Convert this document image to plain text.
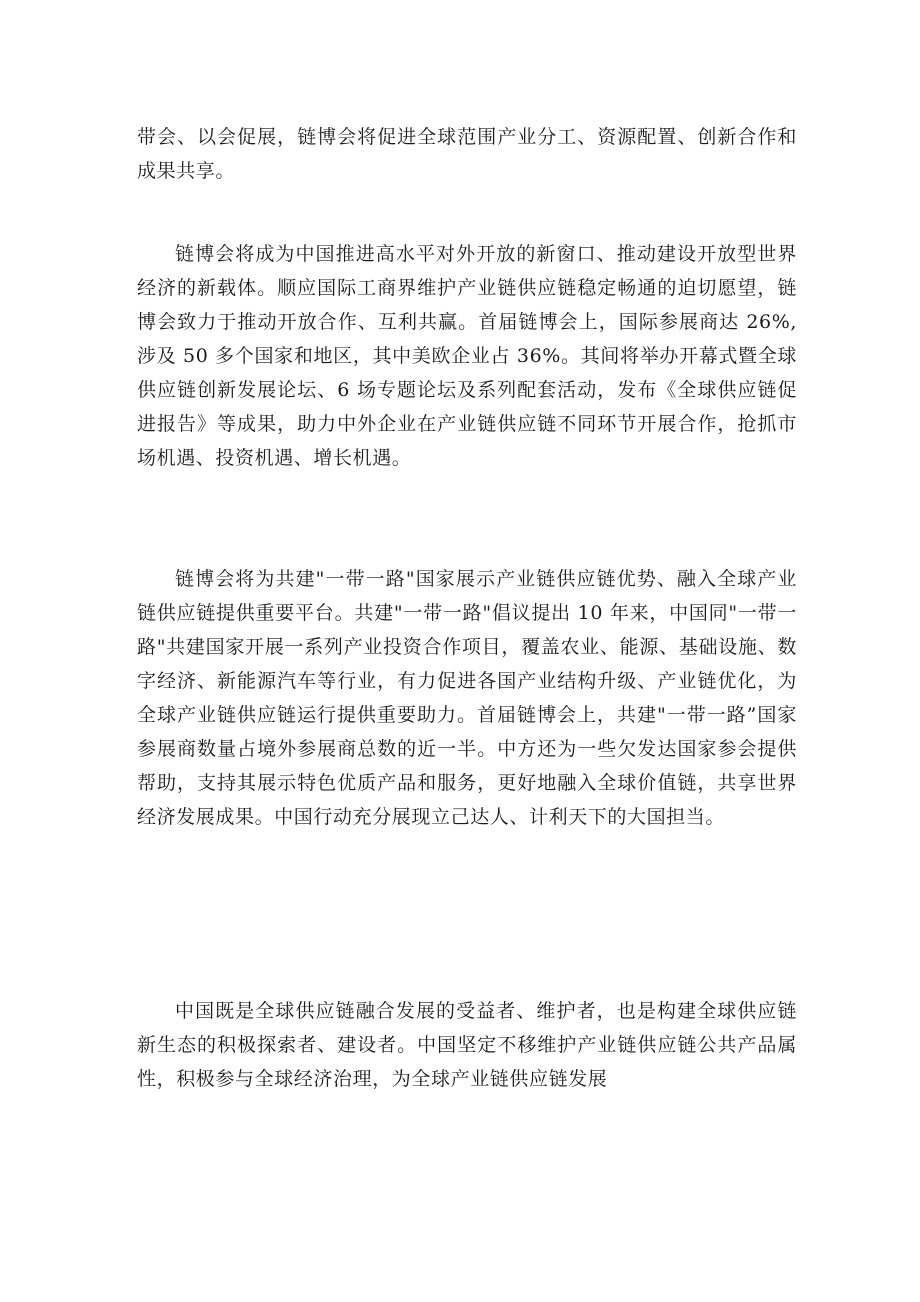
带会、以会促展，链博会将促进全球范围产业分工、资源配置、创新合作和成果共享。

链博会将成为中国推进高水平对外开放的新窗口、推动建设开放型世界经济的新载体。顺应国际工商界维护产业链供应链稳定畅通的迫切愿望，链博会致力于推动开放合作、互利共赢。首届链博会上，国际参展商达 26%,涉及 50 多个国家和地区，其中美欧企业占 36%。其间将举办开幕式暨全球供应链创新发展论坛、6 场专题论坛及系列配套活动，发布《全球供应链促进报告》等成果，助力中外企业在产业链供应链不同环节开展合作，抢抓市场机遇、投资机遇、增长机遇。

链博会将为共建"一带一路"国家展示产业链供应链优势、融入全球产业链供应链提供重要平台。共建"一带一路"倡议提出 10 年来，中国同"一带一路"共建国家开展一系列产业投资合作项目，覆盖农业、能源、基础设施、数字经济、新能源汽车等行业，有力促进各国产业结构升级、产业链优化，为全球产业链供应链运行提供重要助力。首届链博会上，共建"一带一路”国家参展商数量占境外参展商总数的近一半。中方还为一些欠发达国家参会提供帮助，支持其展示特色优质产品和服务，更好地融入全球价值链，共享世界经济发展成果。中国行动充分展现立己达人、计利天下的大国担当。

中国既是全球供应链融合发展的受益者、维护者，也是构建全球供应链新生态的积极探索者、建设者。中国坚定不移维护产业链供应链公共产品属性，积极参与全球经济治理，为全球产业链供应链发展
